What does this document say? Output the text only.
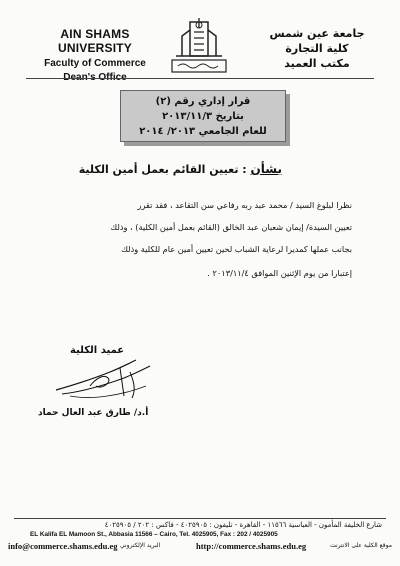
AIN SHAMS UNIVERSITY
Faculty of Commerce
Dean's Office
جامعة عين شمس
كلية التجارة
مكتب العميد
قرار إداري رقم (٢)
بتاريخ ٢٠١٣/١١/٣
للعام الجامعي ٢٠١٣/ ٢٠١٤
بشأن : تعيين القائم بعمل أمين الكلية
نظرا لبلوغ السيد / محمد عبد ربه رفاعي سن التقاعد ، فقد تقرر
تعيين السيدة/ إيمان شعبان عبد الخالق (القائم بعمل أمين الكلية) ، وذلك
بجانب عملها كمديرا لرعاية الشباب لحين تعيين أمين عام للكلية وذلك
إعتبارا من يوم الإثنين الموافق ٢٠١٣/١١/٤ .
عميد الكلية
أ.د/ طارق عبد العال حماد
شارع الخليفة المأمون - العباسية ١١٥٦٦ - القاهرة - تليفون : ٤٠٢٥٩٠٥ - فاكس : ٢٠٢ / ٤٠٢٥٩٠٥
EL Kalifa EL Mamoon St., Abbasia 11566 – Cairo, Tel. 4025905, Fax : 202 / 4025905
info@commerce.shams.edu.eg البريد الإلكتروني	http://commerce.shams.edu.eg	موقع الكلية على الانترنت
